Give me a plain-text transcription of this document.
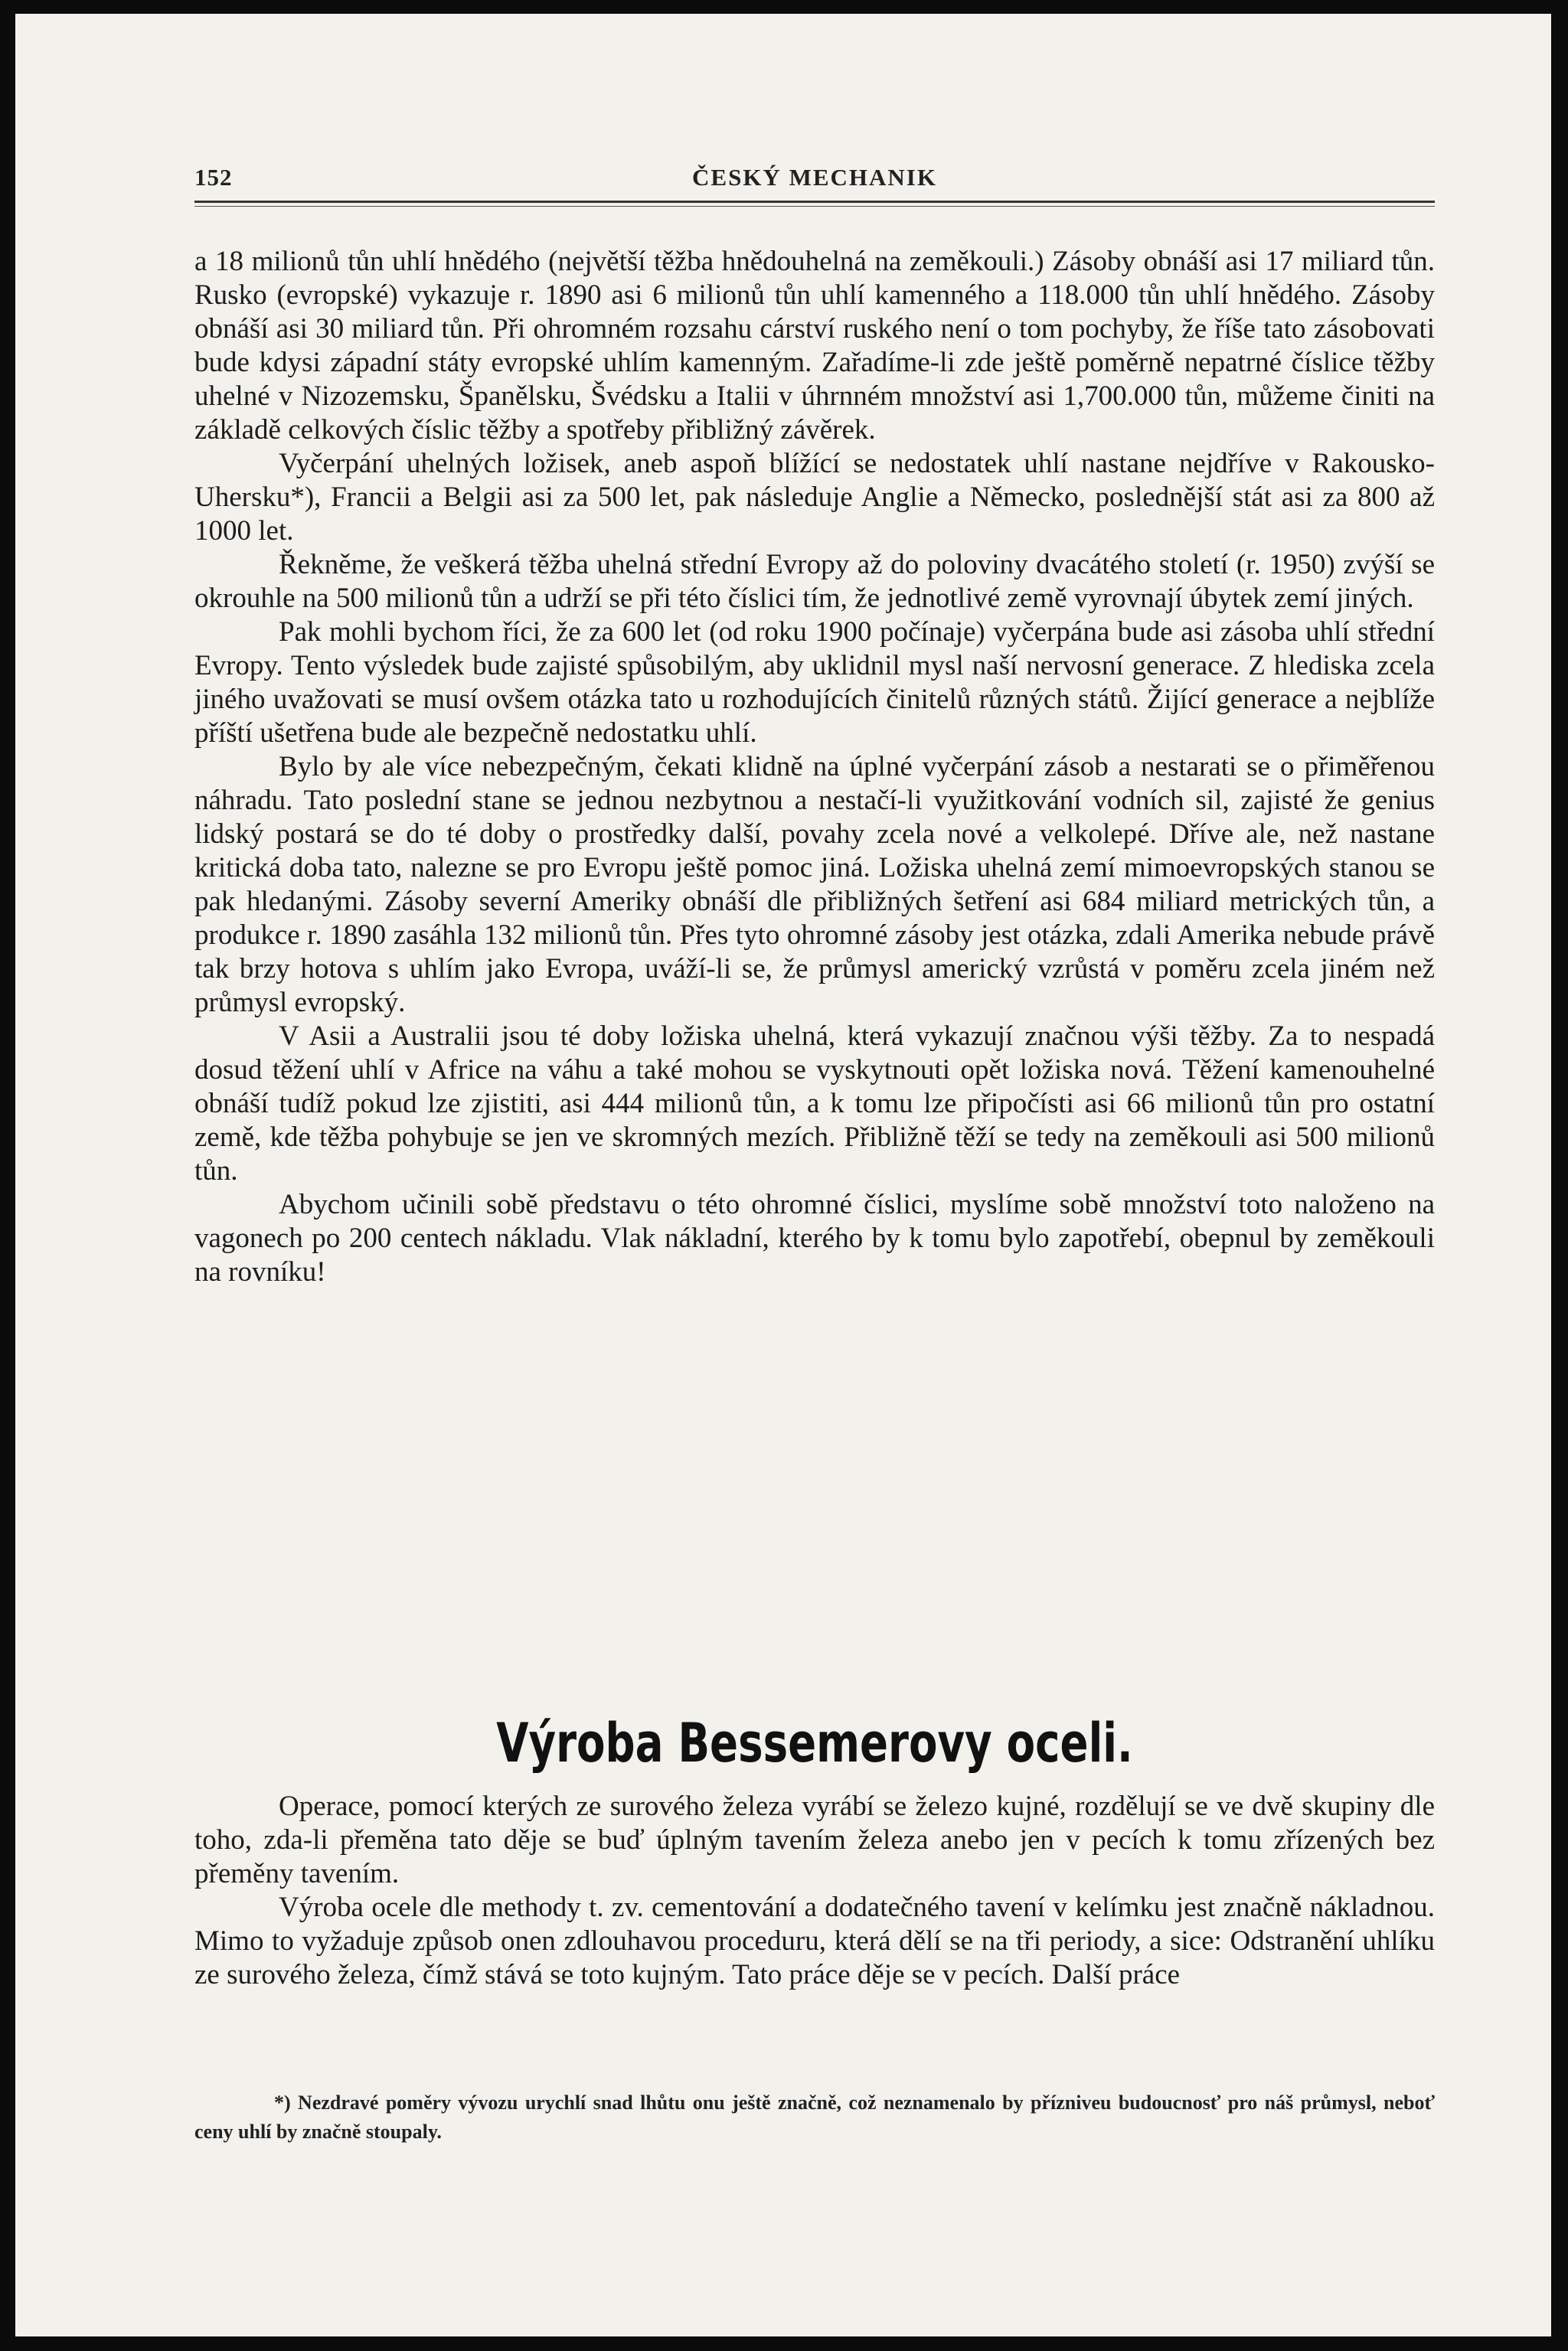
152	ČESKÝ MECHANIK

a 18 milionů tůn uhlí hnědého (největší těžba hnědouhelná na zeměkouli.) Zásoby obnáší asi 17 miliard tůn. Rusko (evropské) vykazuje r. 1890 asi 6 milionů tůn uhlí kamenného a 118.000 tůn uhlí hnědého. Zásoby obnáší asi 30 miliard tůn. Při ohromném rozsahu cárství ruského není o tom pochyby, že říše tato zásobovati bude kdysi západní státy evropské uhlím kamenným. Zařadíme-li zde ještě poměrně nepatrné číslice těžby uhelné v Nizozemsku, Španělsku, Švédsku a Italii v úhrnném množství asi 1,700.000 tůn, můžeme činiti na základě celkových číslic těžby a spotřeby přibližný závěrek.

Vyčerpání uhelných ložisek, aneb aspoň blížící se nedostatek uhlí nastane nejdříve v Rakousko-Uhersku*), Francii a Belgii asi za 500 let, pak následuje Anglie a Německo, poslednější stát asi za 800 až 1000 let.

Řekněme, že veškerá těžba uhelná střední Evropy až do poloviny dvacátého století (r. 1950) zvýší se okrouhle na 500 milionů tůn a udrží se při této číslici tím, že jednotlivé země vyrovnají úbytek zemí jiných.

Pak mohli bychom říci, že za 600 let (od roku 1900 počínaje) vyčerpána bude asi zásoba uhlí střední Evropy. Tento výsledek bude zajisté spůsobilým, aby uklidnil mysl naší nervosní generace. Z hlediska zcela jiného uvažovati se musí ovšem otázka tato u rozhodujících činitelů různých států. Žijící generace a nejblíže příští ušetřena bude ale bezpečně nedostatku uhlí.

Bylo by ale více nebezpečným, čekati klidně na úplné vyčerpání zásob a nestarati se o přiměřenou náhradu. Tato poslední stane se jednou nezbytnou a nestačí-li využitkování vodních sil, zajisté že genius lidský postará se do té doby o prostředky další, povahy zcela nové a velkolepé. Dříve ale, než nastane kritická doba tato, nalezne se pro Evropu ještě pomoc jiná. Ložiska uhelná zemí mimoevropských stanou se pak hledanými. Zásoby severní Ameriky obnáší dle přibližných šetření asi 684 miliard metrických tůn, a produkce r. 1890 zasáhla 132 milionů tůn. Přes tyto ohromné zásoby jest otázka, zdali Amerika nebude právě tak brzy hotova s uhlím jako Evropa, uváží-li se, že průmysl americký vzrůstá v poměru zcela jiném než průmysl evropský.

V Asii a Australii jsou té doby ložiska uhelná, která vykazují značnou výši těžby. Za to nespadá dosud těžení uhlí v Africe na váhu a také mohou se vyskytnouti opět ložiska nová. Těžení kamenouhelné obnáší tudíž pokud lze zjistiti, asi 444 milionů tůn, a k tomu lze připočísti asi 66 milionů tůn pro ostatní země, kde těžba pohybuje se jen ve skromných mezích. Přibližně těží se tedy na zeměkouli asi 500 milionů tůn.

Abychom učinili sobě představu o této ohromné číslici, myslíme sobě množství toto naloženo na vagonech po 200 centech nákladu. Vlak nákladní, kterého by k tomu bylo zapotřebí, obepnul by zeměkouli na rovníku!

Výroba Bessemerovy oceli.

Operace, pomocí kterých ze surového železa vyrábí se železo kujné, rozdělují se ve dvě skupiny dle toho, zda-li přeměna tato děje se buď úplným tavením železa anebo jen v pecích k tomu zřízených bez přeměny tavením.

Výroba ocele dle methody t. zv. cementování a dodatečného tavení v kelímku jest značně nákladnou. Mimo to vyžaduje způsob onen zdlouhavou proceduru, která dělí se na tři periody, a sice: Odstranění uhlíku ze surového železa, čímž stává se toto kujným. Tato práce děje se v pecích. Další práce

*) Nezdravé poměry vývozu urychlí snad lhůtu onu ještě značně, což neznamenalo by přízniveu budoucnosť pro náš průmysl, neboť ceny uhlí by značně stoupaly.
